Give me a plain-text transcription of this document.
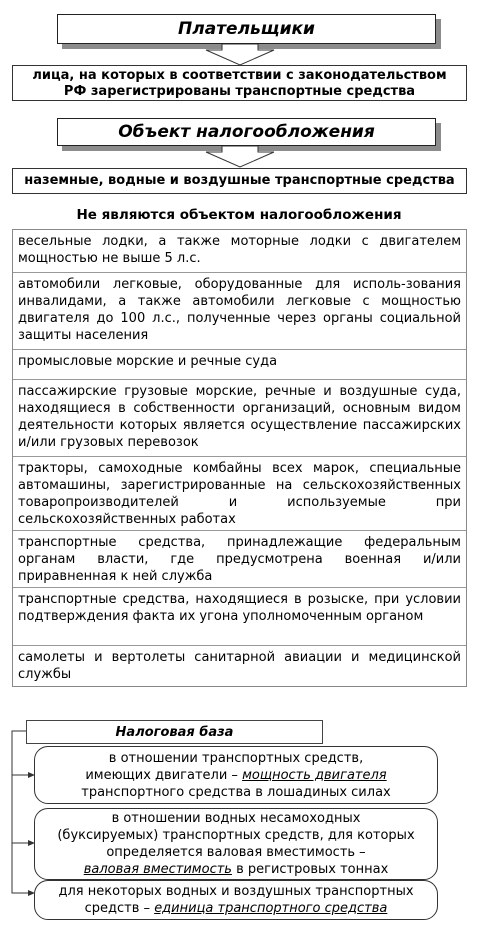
Плательщики
лица, на которых в соответствии с законодательством РФ зарегистрированы транспортные средства
Объект налогообложения
наземные, водные и воздушные транспортные средства
Не являются объектом налогообложения
весельные лодки, а также моторные лодки с двигателем мощностью не выше 5 л.с.
автомобили легковые, оборудованные для исполь-зования инвалидами, а также автомобили легковые с мощностью двигателя до 100 л.с., полученные через органы социальной защиты населения
промысловые морские и речные суда
пассажирские грузовые морские, речные и воздушные суда, находящиеся в собственности организаций, основным видом деятельности которых является осуществление пассажирских и/или грузовых перевозок
тракторы, самоходные комбайны всех марок, специальные автомашины, зарегистрированные на сельскохозяйственных товаропроизводителей и используемые при сельскохозяйственных работах
транспортные средства, принадлежащие федеральным органам власти, где предусмотрена военная и/или приравненная к ней служба
транспортные средства, находящиеся в розыске, при условии подтверждения факта их угона уполномоченным органом
самолеты и вертолеты санитарной авиации и медицинской службы
Налоговая база
в отношении транспортных средств,
имеющих двигатели – мощность двигателя
транспортного средства в лошадиных силах
в отношении водных несамоходных
(буксируемых) транспортных средств, для которых
определяется валовая вместимость –
валовая вместимость в регистровых тоннах
для некоторых водных и воздушных транспортных
средств – единица транспортного средства
